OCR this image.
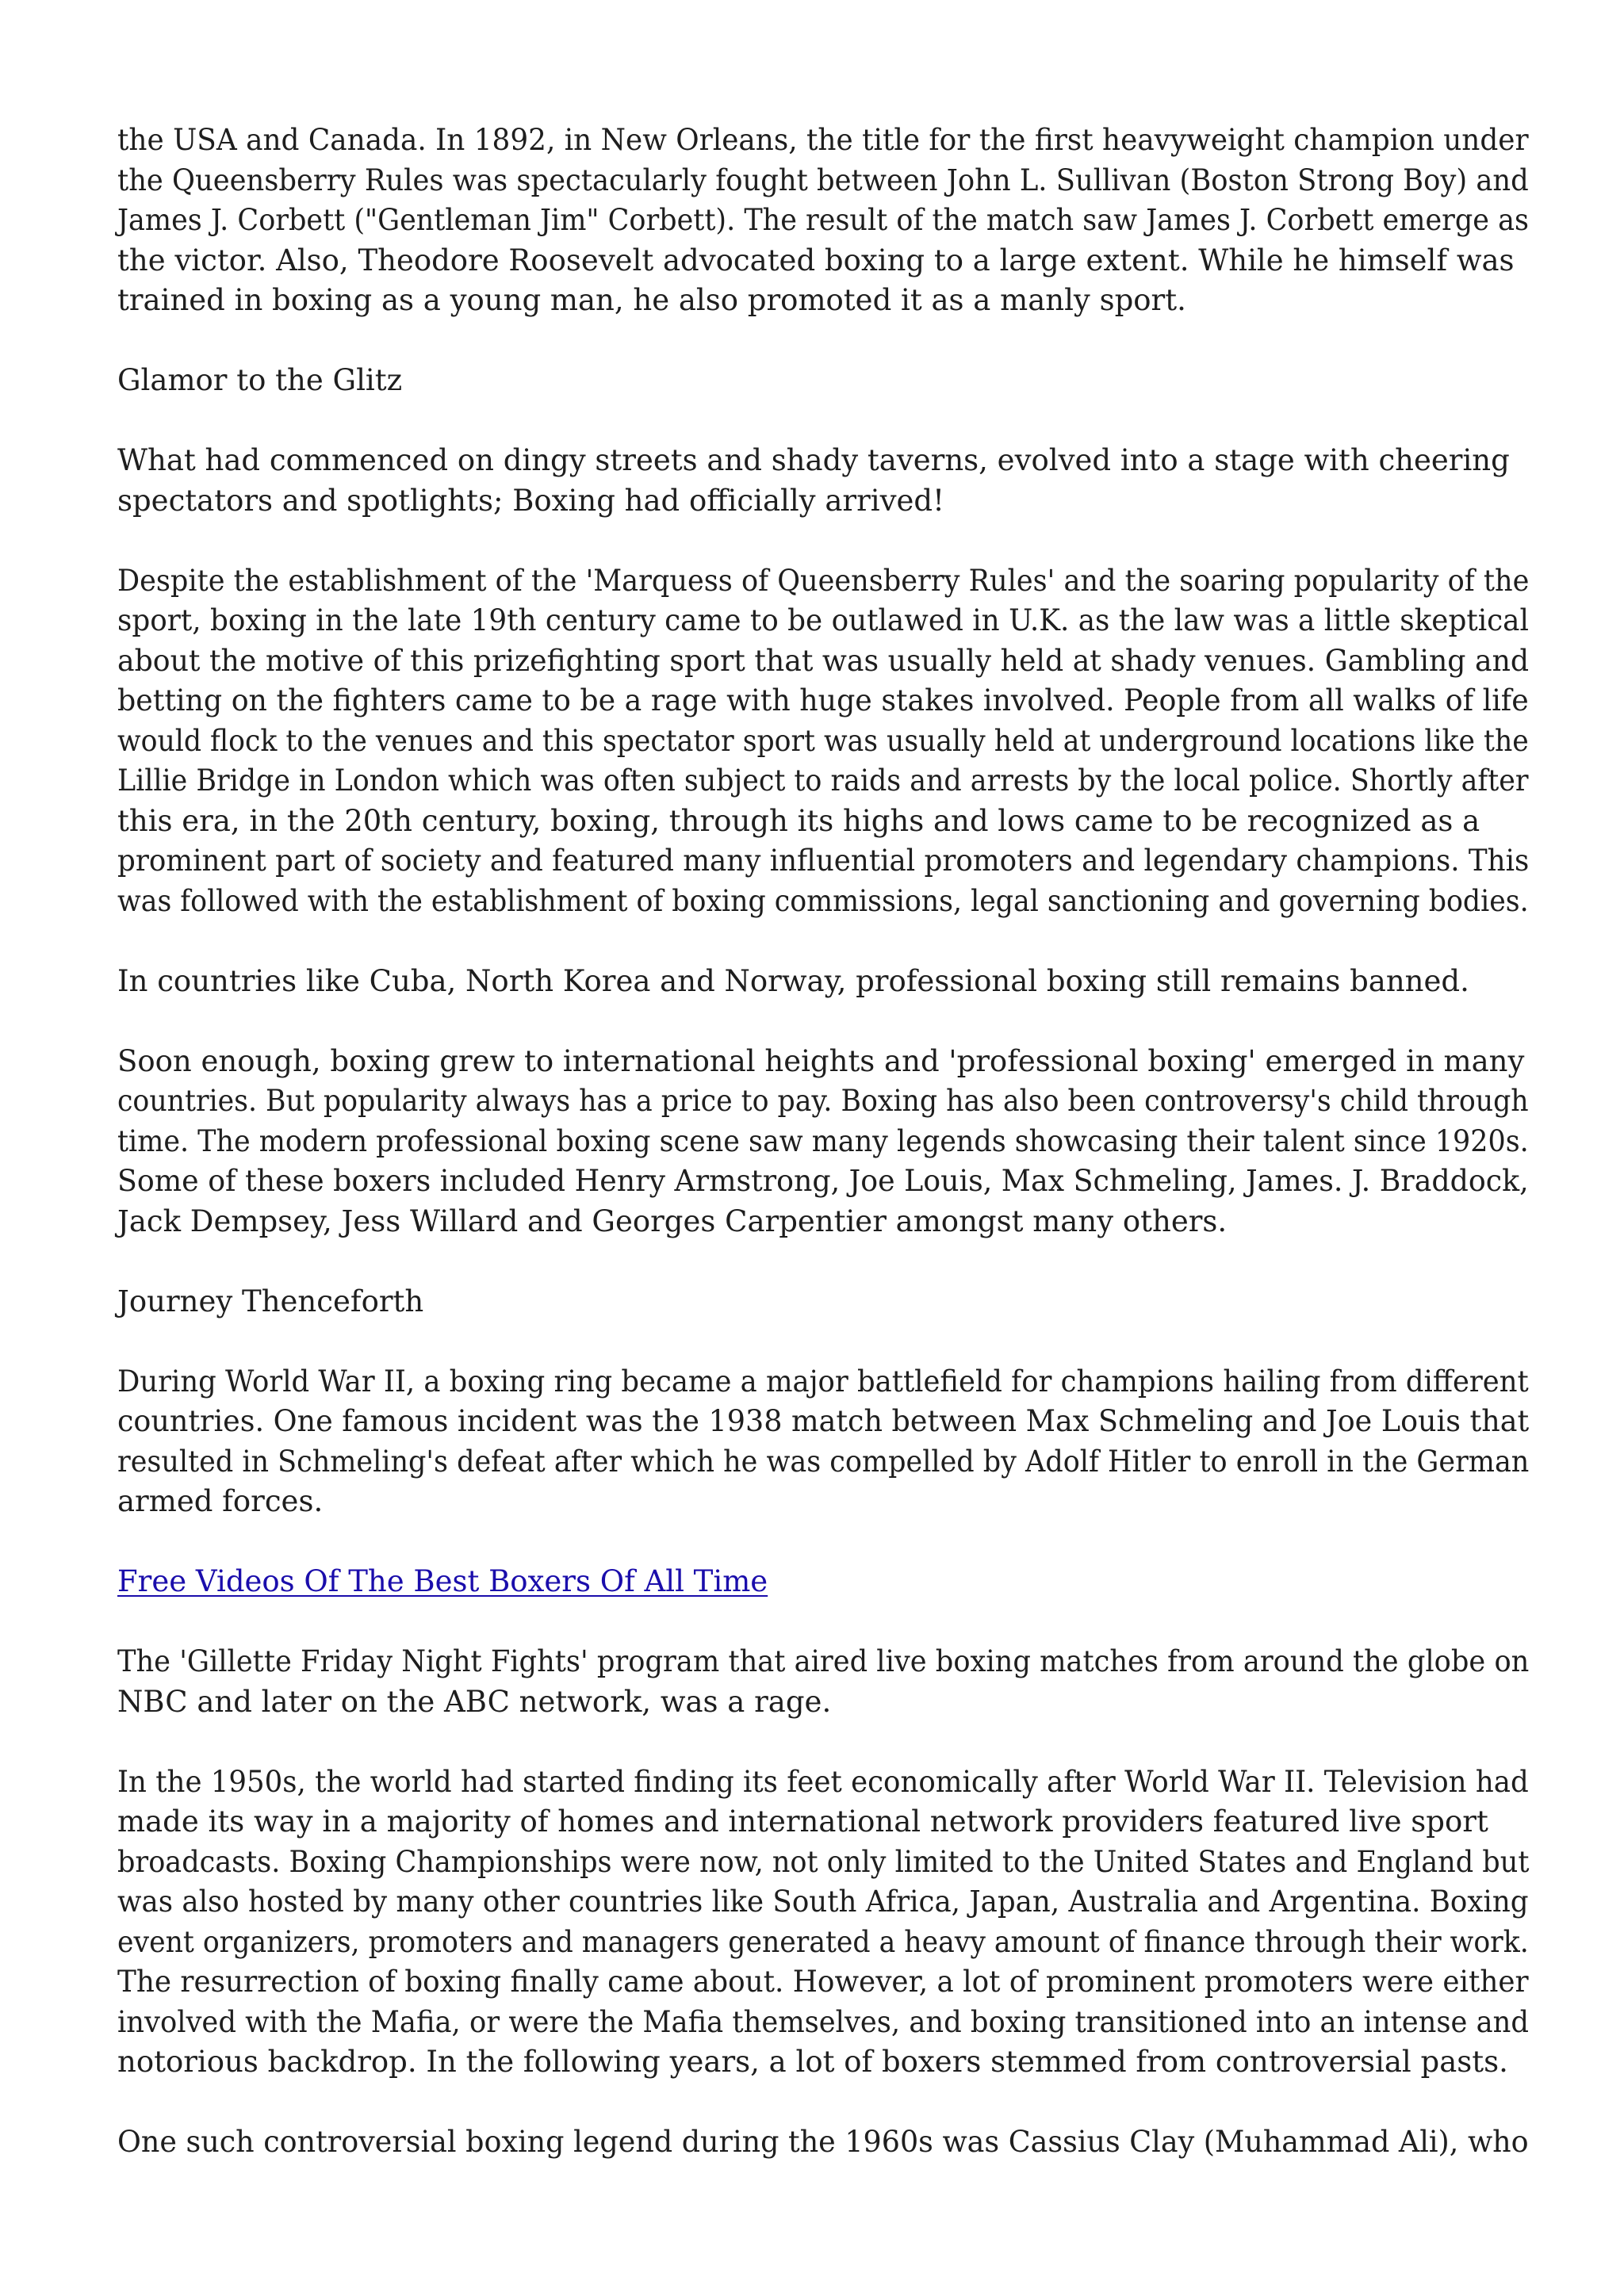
the USA and Canada. In 1892, in New Orleans, the title for the first heavyweight champion under
the Queensberry Rules was spectacularly fought between John L. Sullivan (Boston Strong Boy) and
James J. Corbett ("Gentleman Jim" Corbett). The result of the match saw James J. Corbett emerge as
the victor. Also, Theodore Roosevelt advocated boxing to a large extent. While he himself was
trained in boxing as a young man, he also promoted it as a manly sport.

Glamor to the Glitz

What had commenced on dingy streets and shady taverns, evolved into a stage with cheering
spectators and spotlights; Boxing had officially arrived!

Despite the establishment of the 'Marquess of Queensberry Rules' and the soaring popularity of the
sport, boxing in the late 19th century came to be outlawed in U.K. as the law was a little skeptical
about the motive of this prizefighting sport that was usually held at shady venues. Gambling and
betting on the fighters came to be a rage with huge stakes involved. People from all walks of life
would flock to the venues and this spectator sport was usually held at underground locations like the
Lillie Bridge in London which was often subject to raids and arrests by the local police. Shortly after
this era, in the 20th century, boxing, through its highs and lows came to be recognized as a
prominent part of society and featured many influential promoters and legendary champions. This
was followed with the establishment of boxing commissions, legal sanctioning and governing bodies.

In countries like Cuba, North Korea and Norway, professional boxing still remains banned.

Soon enough, boxing grew to international heights and 'professional boxing' emerged in many
countries. But popularity always has a price to pay. Boxing has also been controversy's child through
time. The modern professional boxing scene saw many legends showcasing their talent since 1920s.
Some of these boxers included Henry Armstrong, Joe Louis, Max Schmeling, James. J. Braddock,
Jack Dempsey, Jess Willard and Georges Carpentier amongst many others.

Journey Thenceforth

During World War II, a boxing ring became a major battlefield for champions hailing from different
countries. One famous incident was the 1938 match between Max Schmeling and Joe Louis that
resulted in Schmeling's defeat after which he was compelled by Adolf Hitler to enroll in the German
armed forces.

Free Videos Of The Best Boxers Of All Time

The 'Gillette Friday Night Fights' program that aired live boxing matches from around the globe on
NBC and later on the ABC network, was a rage.

In the 1950s, the world had started finding its feet economically after World War II. Television had
made its way in a majority of homes and international network providers featured live sport
broadcasts. Boxing Championships were now, not only limited to the United States and England but
was also hosted by many other countries like South Africa, Japan, Australia and Argentina. Boxing
event organizers, promoters and managers generated a heavy amount of finance through their work.
The resurrection of boxing finally came about. However, a lot of prominent promoters were either
involved with the Mafia, or were the Mafia themselves, and boxing transitioned into an intense and
notorious backdrop. In the following years, a lot of boxers stemmed from controversial pasts.

One such controversial boxing legend during the 1960s was Cassius Clay (Muhammad Ali), who
